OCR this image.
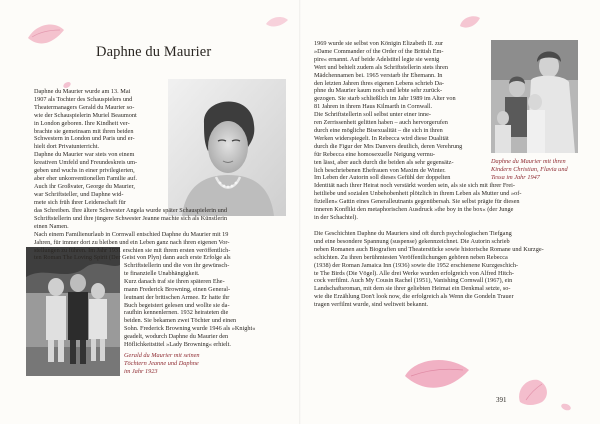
Daphne du Maurier

Daphne du Maurier wurde am 13. Mai
1907 als Tochter des Schauspielers und
Theatermanagers Gerald du Maurier so-
wie der Schauspielerin Muriel Beaumont
in London geboren. Ihre Kindheit ver-
brachte sie gemeinsam mit ihren beiden
Schwestern in London und Paris und er-
hielt dort Privatunterricht.
Daphne du Maurier war stets von einem
kreativen Umfeld und Freundeskreis um-
geben und wuchs in einer privilegierten,
aber eher unkonventionellen Familie auf.
Auch ihr Großvater, George du Maurier,
war Schriftsteller, und Daphne wid-
mete sich früh ihrer Leidenschaft für

das Schreiben. Ihre ältere Schwester Angela wurde später Schauspielerin und
Schriftstellerin und ihre jüngere Schwester Jeanne machte sich als Künstlerin
einen Namen.
Nach einem Familienurlaub in Cornwall entschied Daphne du Maurier mit 19
Jahren, für immer dort zu bleiben und ein Leben ganz nach ihren eigenen Vor-
stellungen zu führen. Im Jahr 1931 erschien sie mit ihrem ersten veröffentlich-
ten Roman The Loving Spirit (Der Geist von Plyn) dann auch erste Erfolge als

Schriftstellerin und die von ihr gewünsch-
te finanzielle Unabhängigkeit.
Kurz danach traf sie ihren späteren Ehe-
mann Frederick Browning, einen General-
leutnant der britischen Armee. Er hatte ihr
Buch begeistert gelesen und wollte sie da-
raufhin kennenlernen. 1932 heirateten die
beiden. Sie bekamen zwei Töchter und einen
Sohn. Frederick Browning wurde 1946 als »Knight«
geadelt, wodurch Daphne du Maurier den
Höflichkeitstitel »Lady Browning« erhielt.

Gerald du Maurier mit seinen
Töchtern Jeanne und Daphne
im Jahr 1923

1969 wurde sie selbst von Königin Elizabeth II. zur
»Dame Commander of the Order of the British Em-
pire« ernannt. Auf beide Adelstitel legte sie wenig
Wert und behielt zudem als Schriftstellerin stets ihren
Mädchennamen bei. 1965 verstarb ihr Ehemann. In
den letzten Jahren ihres eigenen Lebens schrieb Da-
phne du Maurier kaum noch und lebte sehr zurück-
gezogen. Sie starb schließlich im Jahr 1989 im Alter von
81 Jahren in ihrem Haus Kilmarth in Cornwall.
Die Schriftstellerin soll selbst unter einer inne-
ren Zerrissenheit gelitten haben – auch hervorgerufen
durch eine mögliche Bisexualität – die sich in ihren
Werken widerspiegelt. In Rebecca wird diese Dualität
durch die Figur der Mrs Danvers deutlich, deren Verehrung
für Rebecca eine homosexuelle Neigung vermu-
ten lässt, aber auch durch die beiden als sehr gegensätz-
lich beschriebenen Ehefrauen von Maxim de Winter.
Im Leben der Autorin soll dieses Gefühl der doppelten

Identität nach ihrer Heirat noch verstärkt worden sein, als sie sich mit ihrer Frei-
heitliebe und sozialen Unbehobenheit plötzlich in ihrem Leben als Mutter und »of-
fiziellen« Gattin eines Generalleutnants gegenübersah. Sie selbst prägte für diesen
inneren Konflikt den metaphorischen Ausdruck »the boy in the box« (der Junge
in der Schachtel).

Daphne du Maurier mit ihren
Kindern Christian, Flavia und
Tessa im Jahr 1947

Die Geschichten Daphne du Mauriers sind oft durch psychologischen Tiefgang
und eine besondere Spannung (suspense) gekennzeichnet. Die Autorin schrieb
neben Romanen auch Biografien und Theaterstücke sowie historische Romane und Kurzge-
schichten. Zu ihren berühmtesten Veröffentlichungen gehören neben Rebecca
(1938) der Roman Jamaica Inn (1936) sowie die 1952 erschienene Kurzgeschich-
te The Birds (Die Vögel). Alle drei Werke wurden erfolgreich von Alfred Hitch-
cock verfilmt. Auch My Cousin Rachel (1951), Vanishing Cornwall (1967), ein
Landschaftsroman, mit dem sie ihrer geliebten Heimat ein Denkmal setzte, so-
wie die Erzählung Don't look now, die erfolgreich als Wenn die Gondeln Trauer
tragen verfilmt wurde, sind weltweit bekannt.

391
